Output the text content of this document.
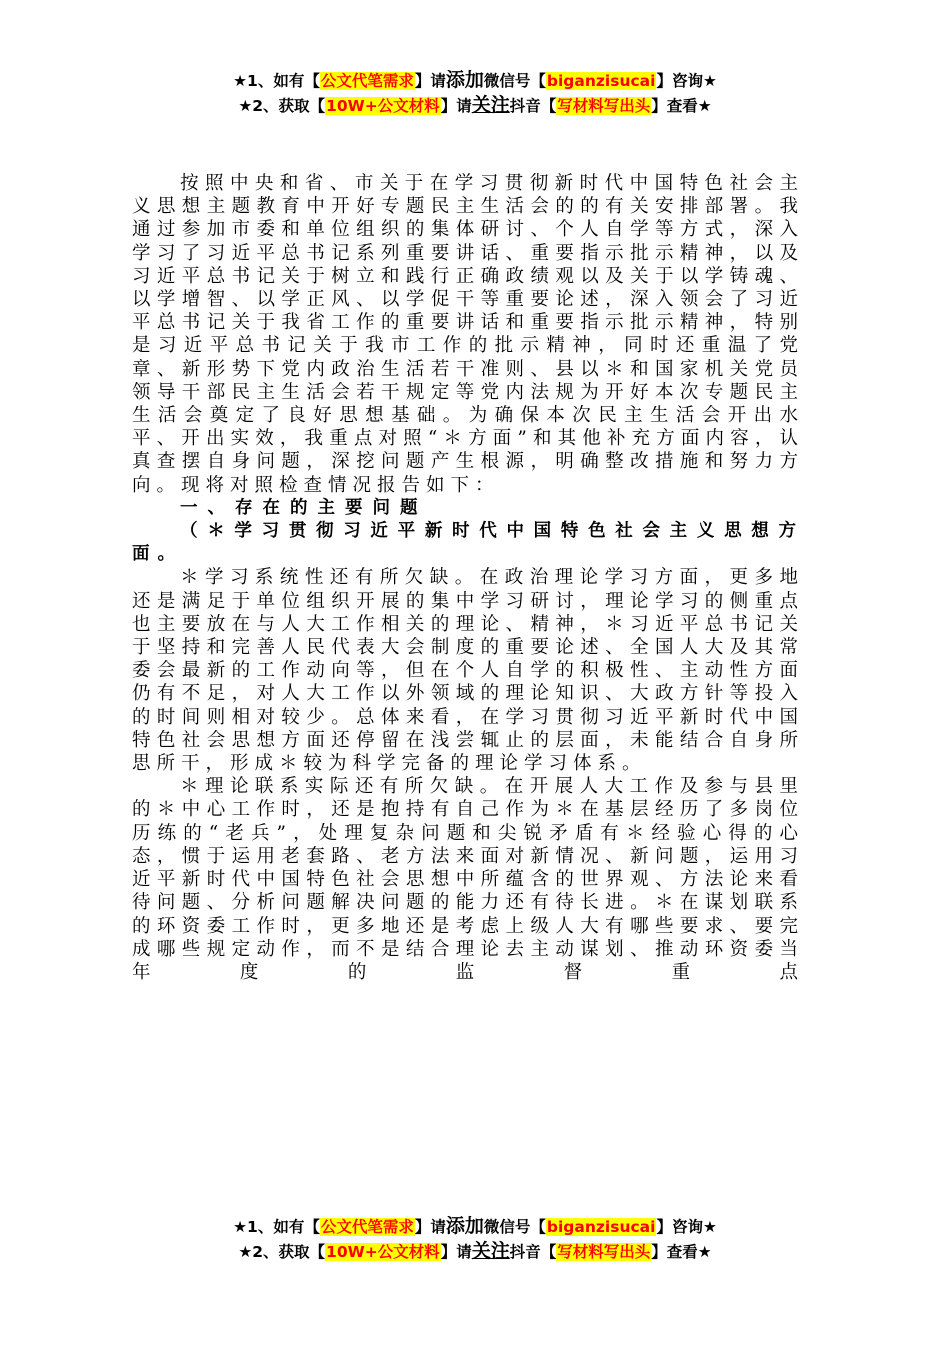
★1、如有【公文代笔需求】请添加微信号【biganzisucai】咨询★
★2、获取【10W+公文材料】请关注抖音【写材料写出头】查看★

按照中央和省、市关于在学习贯彻新时代中国特色社会主义思想主题教育中开好专题民主生活会的的有关安排部署。我通过参加市委和单位组织的集体研讨、个人自学等方式，深入学习了习近平总书记系列重要讲话、重要指示批示精神，以及习近平总书记关于树立和践行正确政绩观以及关于以学铸魂、以学增智、以学正风、以学促干等重要论述，深入领会了习近平总书记关于我省工作的重要讲话和重要指示批示精神，特别是习近平总书记关于我市工作的批示精神，同时还重温了党章、新形势下党内政治生活若干准则、县以＊和国家机关党员领导干部民主生活会若干规定等党内法规为开好本次专题民主生活会奠定了良好思想基础。为确保本次民主生活会开出水平、开出实效，我重点对照“＊方面”和其他补充方面内容，认真查摆自身问题，深挖问题产生根源，明确整改措施和努力方向。现将对照检查情况报告如下：

一、存在的主要问题

（＊学习贯彻习近平新时代中国特色社会主义思想方面。

＊学习系统性还有所欠缺。在政治理论学习方面，更多地还是满足于单位组织开展的集中学习研讨，理论学习的侧重点也主要放在与人大工作相关的理论、精神，＊习近平总书记关于坚持和完善人民代表大会制度的重要论述、全国人大及其常委会最新的工作动向等，但在个人自学的积极性、主动性方面仍有不足，对人大工作以外领域的理论知识、大政方针等投入的时间则相对较少。总体来看，在学习贯彻习近平新时代中国特色社会思想方面还停留在浅尝辄止的层面，未能结合自身所思所干，形成＊较为科学完备的理论学习体系。

＊理论联系实际还有所欠缺。在开展人大工作及参与县里的＊中心工作时，还是抱持有自己作为＊在基层经历了多岗位历练的“老兵”，处理复杂问题和尖锐矛盾有＊经验心得的心态，惯于运用老套路、老方法来面对新情况、新问题，运用习近平新时代中国特色社会思想中所蕴含的世界观、方法论来看待问题、分析问题解决问题的能力还有待长进。＊在谋划联系的环资委工作时，更多地还是考虑上级人大有哪些要求、要完成哪些规定动作，而不是结合理论去主动谋划、推动环资委当年度的监督重点

★1、如有【公文代笔需求】请添加微信号【biganzisucai】咨询★
★2、获取【10W+公文材料】请关注抖音【写材料写出头】查看★
